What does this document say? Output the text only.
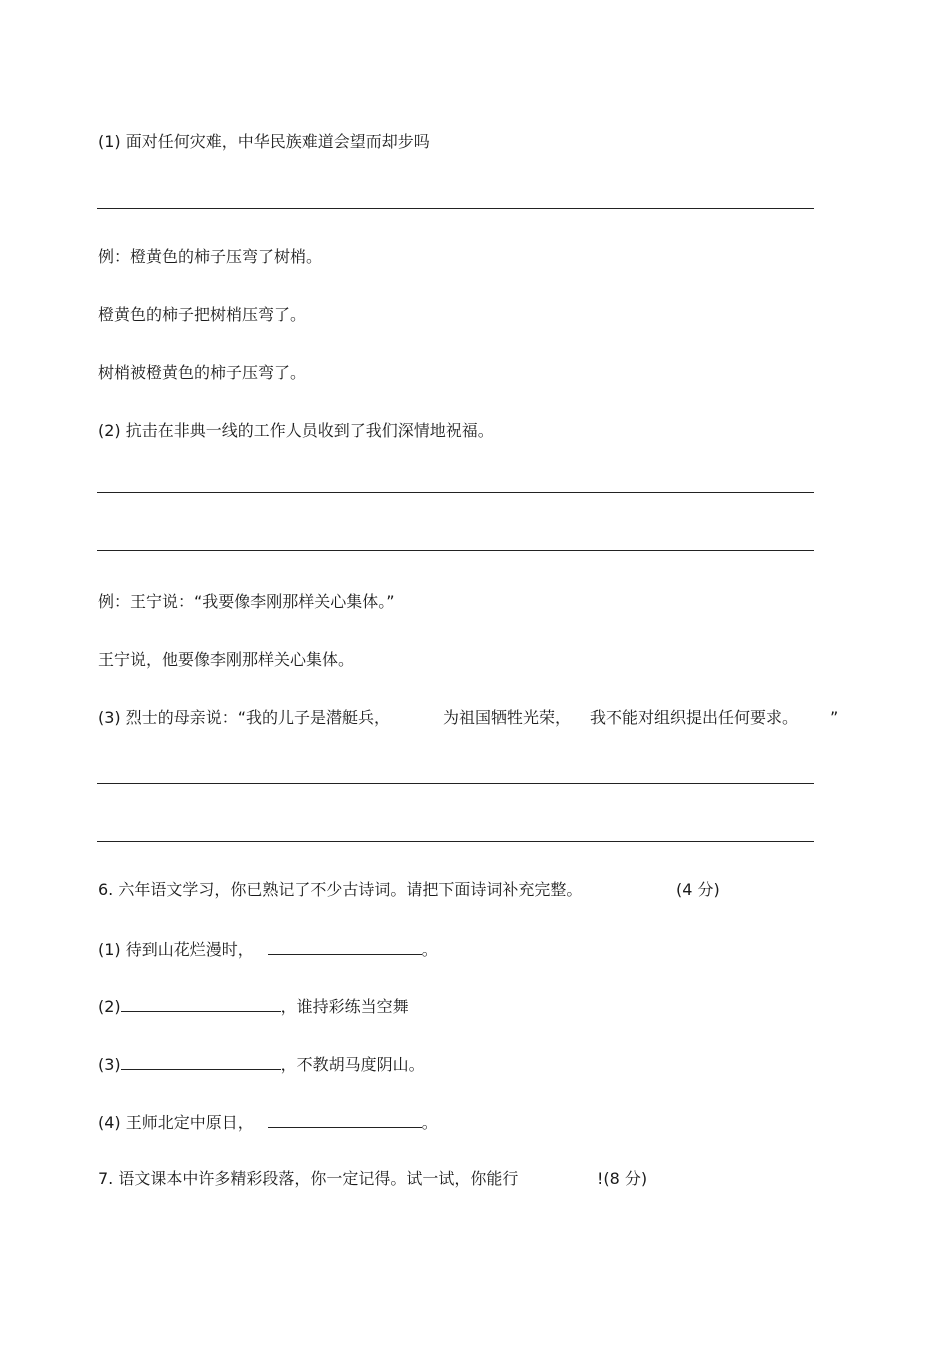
(1) 面对任何灾难，中华民族难道会望而却步吗
例：橙黄色的柿子压弯了树梢。
橙黄色的柿子把树梢压弯了。
树梢被橙黄色的柿子压弯了。
(2) 抗击在非典一线的工作人员收到了我们深情地祝福。
例：王宁说：“我要像李刚那样关心集体。”
王宁说，他要像李刚那样关心集体。
(3) 烈士的母亲说：“我的儿子是潜艇兵，	为祖国牺牲光荣， 我不能对组织提出任何要求。 ”
6. 六年语文学习，你已熟记了不少古诗词。请把下面诗词补充完整。	(4 分)
(1) 待到山花烂漫时，	。
(2)	，谁持彩练当空舞
(3)	，不教胡马度阴山。
(4) 王师北定中原日，	。
7. 语文课本中许多精彩段落，你一定记得。试一试，你能行	!(8 分)
